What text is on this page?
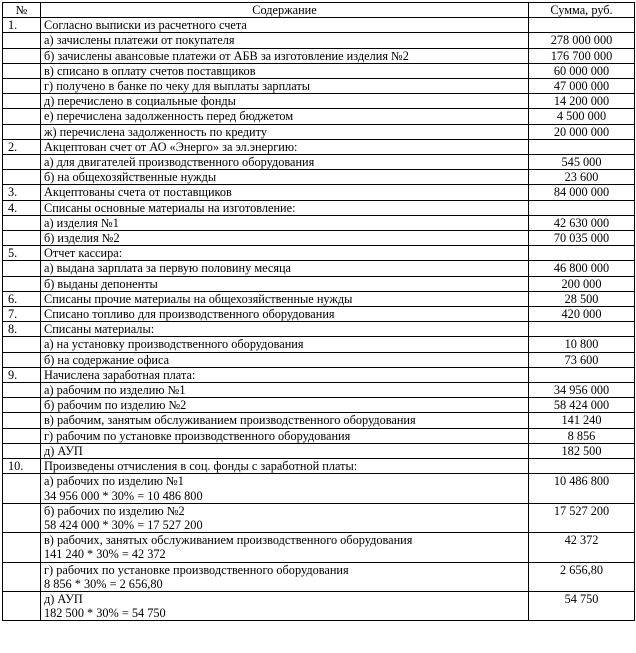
№	Содержание	Сумма, руб.
1.	Согласно выписки из расчетного счета	

	а) зачислены платежи от покупателя	278 000 000

	б) зачислены авансовые платежи от АБВ за изготовление изделия №2	176 700 000

	в) списано в оплату счетов поставщиков	60 000 000

	г) получено в банке по чеку для выплаты зарплаты	47 000 000

	д) перечислено в социальные фонды	14 200 000

	е) перечислена задолженность перед бюджетом	4 500 000

	ж) перечислена задолженность по кредиту	20 000 000
2.	Акцептован счет от АО «Энерго» за эл.энергию:	

	а) для двигателей производственного оборудования	545 000

	б) на общехозяйственные нужды	23 600
3.	Акцептованы счета от поставщиков	84 000 000
4.	Списаны основные материалы на изготовление:	

	а) изделия №1	42 630 000

	б) изделия №2	70 035 000
5.	Отчет кассира:	

	а) выдана зарплата за первую половину месяца	46 800 000

	б) выданы депоненты	200 000
6.	Списаны прочие материалы на общехозяйственные нужды	28 500
7.	Списано топливо для производственного оборудования	420 000
8.	Списаны материалы:	

	а) на установку производственного оборудования	10 800

	б) на содержание офиса	73 600
9.	Начислена заработная плата:	

	а) рабочим по изделию №1	34 956 000

	б) рабочим по изделию №2	58 424 000

	в) рабочим, занятым обслуживанием производственного оборудования	141 240

	г) рабочим по установке производственного оборудования	8 856

	д) АУП	182 500
10.	Произведены отчисления в соц. фонды с заработной платы:	

	а) рабочих по изделию №1
34 956 000 * 30% = 10 486 800	10 486 800

	б) рабочих по изделию №2
58 424 000 * 30% = 17 527 200	17 527 200

	в) рабочих, занятых обслуживанием производственного оборудования
141 240 * 30% = 42 372	42 372

	г) рабочих по установке производственного оборудования
8 856 * 30% = 2 656,80	2 656,80

	д) АУП
182 500 * 30% = 54 750	54 750
